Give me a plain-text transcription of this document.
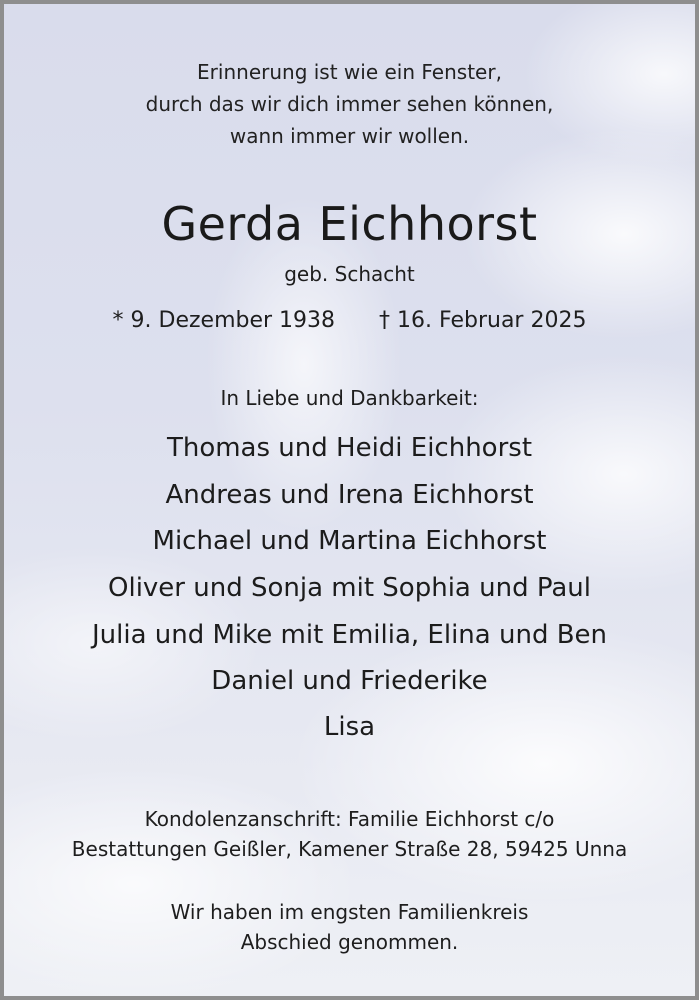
Erinnerung ist wie ein Fenster,

durch das wir dich immer sehen können,

wann immer wir wollen.

Gerda Eichhorst

geb. Schacht

* 9. Dezember 1938 † 16. Februar 2025

In Liebe und Dankbarkeit:

Thomas und Heidi Eichhorst

Andreas und Irena Eichhorst

Michael und Martina Eichhorst

Oliver und Sonja mit Sophia und Paul

Julia und Mike mit Emilia, Elina und Ben

Daniel und Friederike

Lisa

Kondolenzanschrift: Familie Eichhorst c/o

Bestattungen Geißler, Kamener Straße 28, 59425 Unna

Wir haben im engsten Familienkreis

Abschied genommen.
